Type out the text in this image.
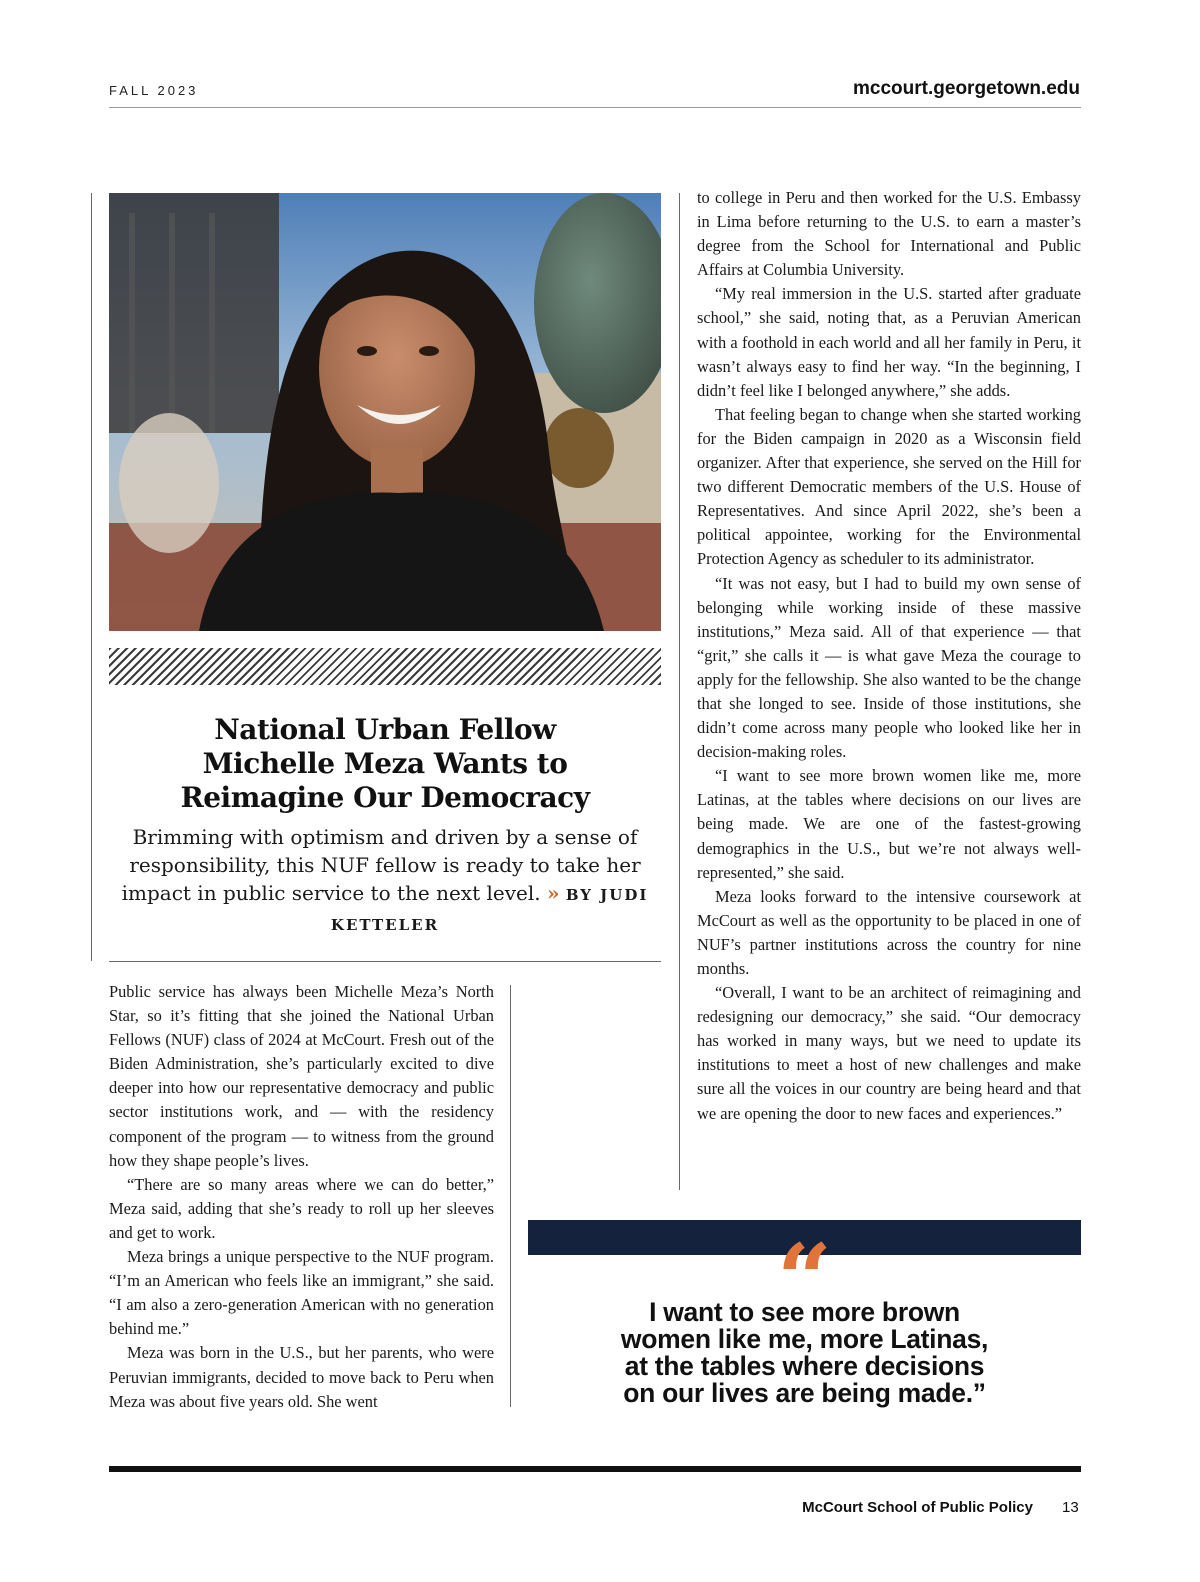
FALL 2023	mccourt.georgetown.edu
National Urban Fellow
Michelle Meza Wants to
Reimagine Our Democracy
Brimming with optimism and driven by a sense of responsibility, this NUF fellow is ready to take her impact in public service to the next level. » BY JUDI KETTELER

Public service has always been Michelle Meza’s North Star, so it’s fitting that she joined the National Urban Fellows (NUF) class of 2024 at McCourt. Fresh out of the Biden Administration, she’s particularly excited to dive deeper into how our representative democracy and public sector institutions work, and — with the residency component of the program — to witness from the ground how they shape people’s lives.

“There are so many areas where we can do better,” Meza said, adding that she’s ready to roll up her sleeves and get to work.

Meza brings a unique perspective to the NUF program. “I’m an American who feels like an immigrant,” she said. “I am also a zero-generation American with no generation behind me.”

Meza was born in the U.S., but her parents, who were Peruvian immigrants, decided to move back to Peru when Meza was about five years old. She went

to college in Peru and then worked for the U.S. Embassy in Lima before returning to the U.S. to earn a master’s degree from the School for International and Public Affairs at Columbia University.

“My real immersion in the U.S. started after graduate school,” she said, noting that, as a Peruvian American with a foothold in each world and all her family in Peru, it wasn’t always easy to find her way. “In the beginning, I didn’t feel like I belonged anywhere,” she adds.

That feeling began to change when she started working for the Biden campaign in 2020 as a Wisconsin field organizer. After that experience, she served on the Hill for two different Democratic members of the U.S. House of Representatives. And since April 2022, she’s been a political appointee, working for the Environmental Protection Agency as scheduler to its administrator.

“It was not easy, but I had to build my own sense of belonging while working inside of these massive institutions,” Meza said. All of that experience — that “grit,” she calls it — is what gave Meza the courage to apply for the fellowship. She also wanted to be the change that she longed to see. Inside of those institutions, she didn’t come across many people who looked like her in decision-making roles.

“I want to see more brown women like me, more Latinas, at the tables where decisions on our lives are being made. We are one of the fastest-growing demographics in the U.S., but we’re not always well-represented,” she said.

Meza looks forward to the intensive coursework at McCourt as well as the opportunity to be placed in one of NUF’s partner institutions across the country for nine months.

“Overall, I want to be an architect of reimagining and redesigning our democracy,” she said. “Our democracy has worked in many ways, but we need to update its institutions to meet a host of new challenges and make sure all the voices in our country are being heard and that we are opening the door to new faces and experiences.”

“
I want to see more brown
women like me, more Latinas,
at the tables where decisions
on our lives are being made.”
McCourt School of Public Policy 13
